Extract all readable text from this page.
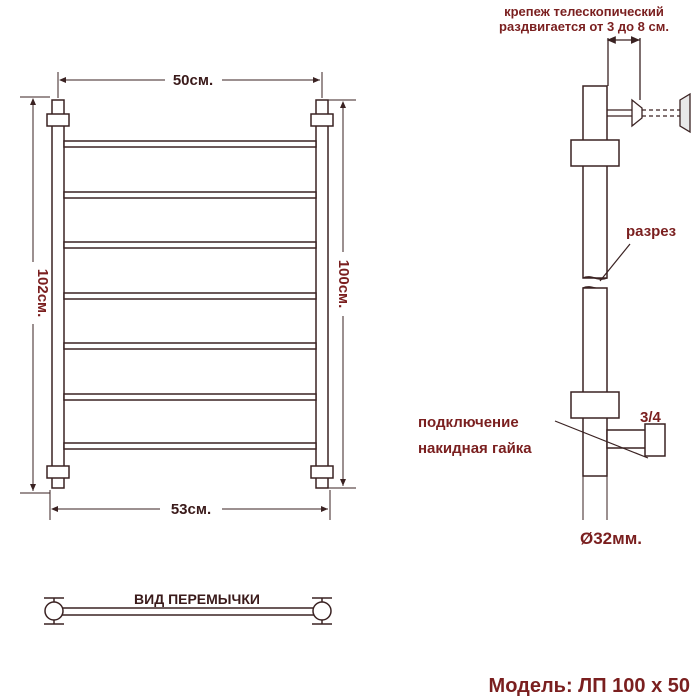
50см.
53см.
102см.	100см.
крепеж телескопический
раздвигается от 3 до 8 см.
разрез
3/4
подключение
накидная гайка
Ø32мм.
ВИД ПЕРЕМЫЧКИ
Модель: ЛП 100 х 50
